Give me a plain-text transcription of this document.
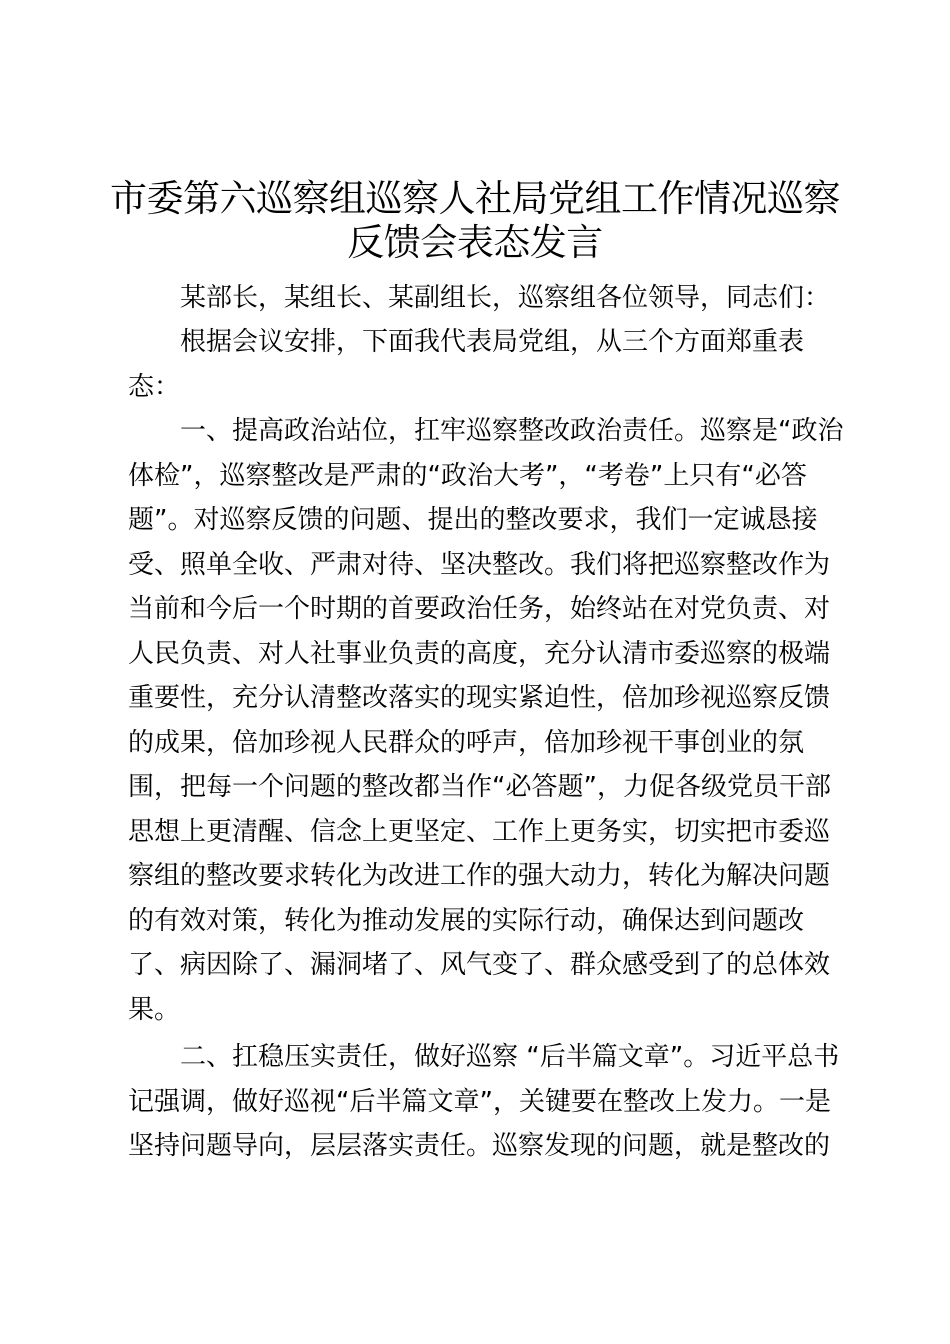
市委第六巡察组巡察人社局党组工作情况巡察
反馈会表态发言
某部长，某组长、某副组长，巡察组各位领导，同志们：
根据会议安排，下面我代表局党组，从三个方面郑重表
态：
一、提高政治站位，扛牢巡察整改政治责任。巡察是“政治
体检”，巡察整改是严肃的“政治大考”，“考卷”上只有“必答
题”。对巡察反馈的问题、提出的整改要求，我们一定诚恳接
受、照单全收、严肃对待、坚决整改。我们将把巡察整改作为
当前和今后一个时期的首要政治任务，始终站在对党负责、对
人民负责、对人社事业负责的高度，充分认清市委巡察的极端
重要性，充分认清整改落实的现实紧迫性，倍加珍视巡察反馈
的成果，倍加珍视人民群众的呼声，倍加珍视干事创业的氛
围，把每一个问题的整改都当作“必答题”，力促各级党员干部
思想上更清醒、信念上更坚定、工作上更务实，切实把市委巡
察组的整改要求转化为改进工作的强大动力，转化为解决问题
的有效对策，转化为推动发展的实际行动，确保达到问题改
了、病因除了、漏洞堵了、风气变了、群众感受到了的总体效
果。
二、扛稳压实责任，做好巡察 “后半篇文章”。习近平总书
记强调，做好巡视“后半篇文章”，关键要在整改上发力。一是
坚持问题导向，层层落实责任。巡察发现的问题，就是整改的
